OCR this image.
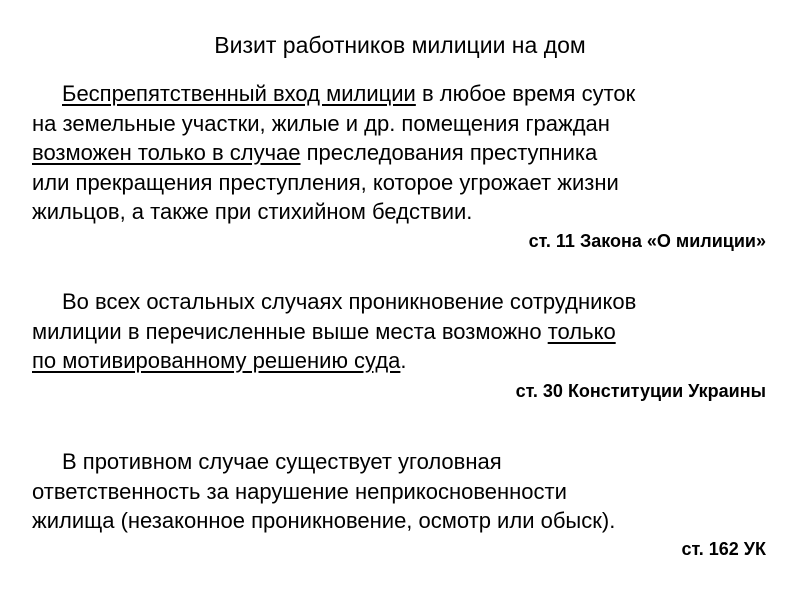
Визит работников милиции на дом
Беспрепятственный вход милиции в любое время суток
на земельные участки, жилые и др. помещения граждан
возможен только в случае преследования преступника
или прекращения преступления, которое угрожает жизни
жильцов, а также при стихийном бедствии.
ст. 11 Закона «О милиции»
Во всех остальных случаях проникновение сотрудников
милиции в перечисленные выше места возможно только
по мотивированному решению суда.
ст. 30 Конституции Украины
В противном случае существует уголовная
ответственность за нарушение неприкосновенности
жилища (незаконное проникновение, осмотр или обыск).
ст. 162 УК
